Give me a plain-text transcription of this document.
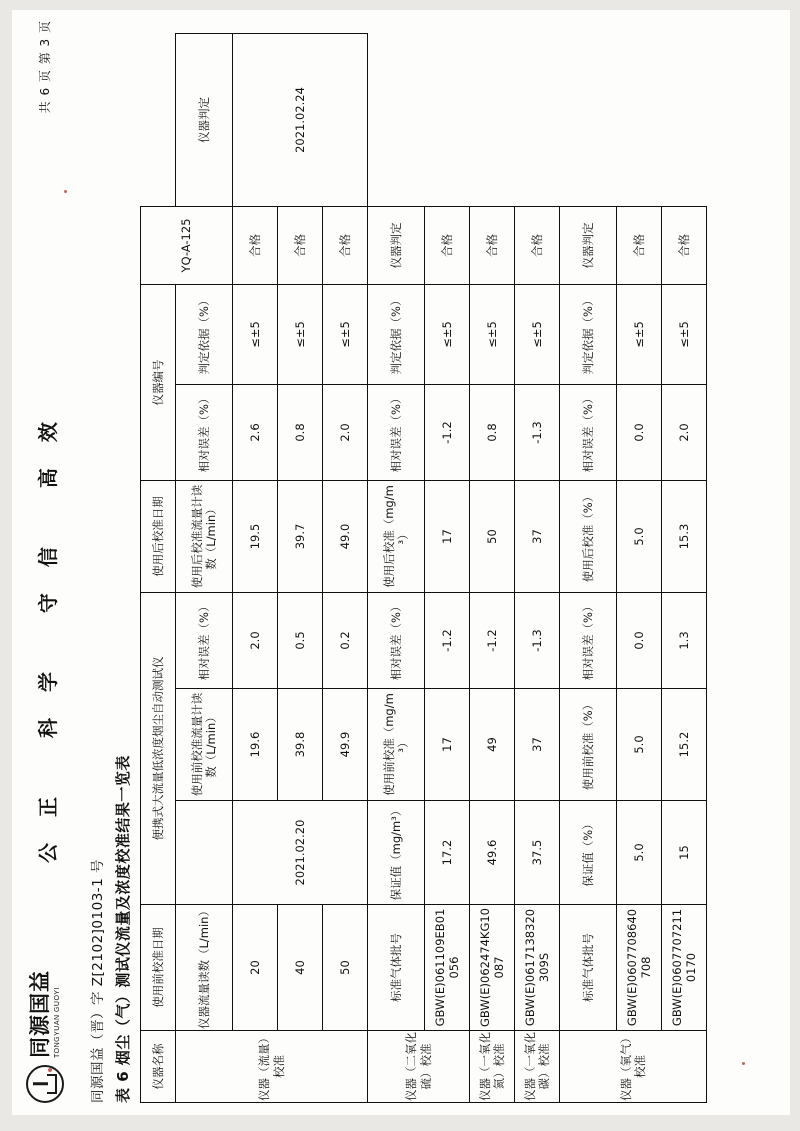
同源国益 TONGYUAN GUOYI
公正 科学 守信 高效
共 6 页 第 3 页
同源国益（晋）字 Z[2102]0103-1 号 表 6 烟尘（气）测试仪流量及浓度校准结果一览表 仪器名称	使用前校准日期	便携式大流量低浓度烟尘自动测试仪			使用后校准日期	仪器编号		YQ-A-125	
仪器（流量）校准	仪器流量读数（L/min）		使用前校准流量计读数（L/min）	相对误差（%）	使用后校准流量计读数（L/min）	相对误差（%）	判定依据（%）		仪器判定
	20	2021.02.20	19.6	2.0	19.5	2.6	≤±5	合格	2021.02.24
	40		39.8	0.5	39.7	0.8	≤±5	合格	
	50		49.9	0.2	49.0	2.0	≤±5	合格	
仪器（二氧化硫）校准	标准气体批号	保证值（mg/m³）	使用前校准（mg/m³）	相对误差（%）	使用后校准（mg/m³）	相对误差（%）	判定依据（%）	仪器判定	
	GBW(E)061109EB01056	17.2	17	-1.2	17	-1.2	≤±5	合格	
仪器（一氧化氮）校准	GBW(E)062474KG10087	49.6	49	-1.2	50	0.8	≤±5	合格	
仪器（一氧化碳）校准	GBW(E)0617138320309S	37.5	37	-1.3	37	-1.3	≤±5	合格	
仪器（氧气）校准	标准气体批号	保证值（%）	使用前校准（%）	相对误差（%）	使用后校准（%）	相对误差（%）	判定依据（%）	仪器判定	
	GBW(E)0607708640708	5.0	5.0	0.0	5.0	0.0	≤±5	合格	
	GBW(E)06077072110170	15	15.2	1.3	15.3	2.0	≤±5	合格	
